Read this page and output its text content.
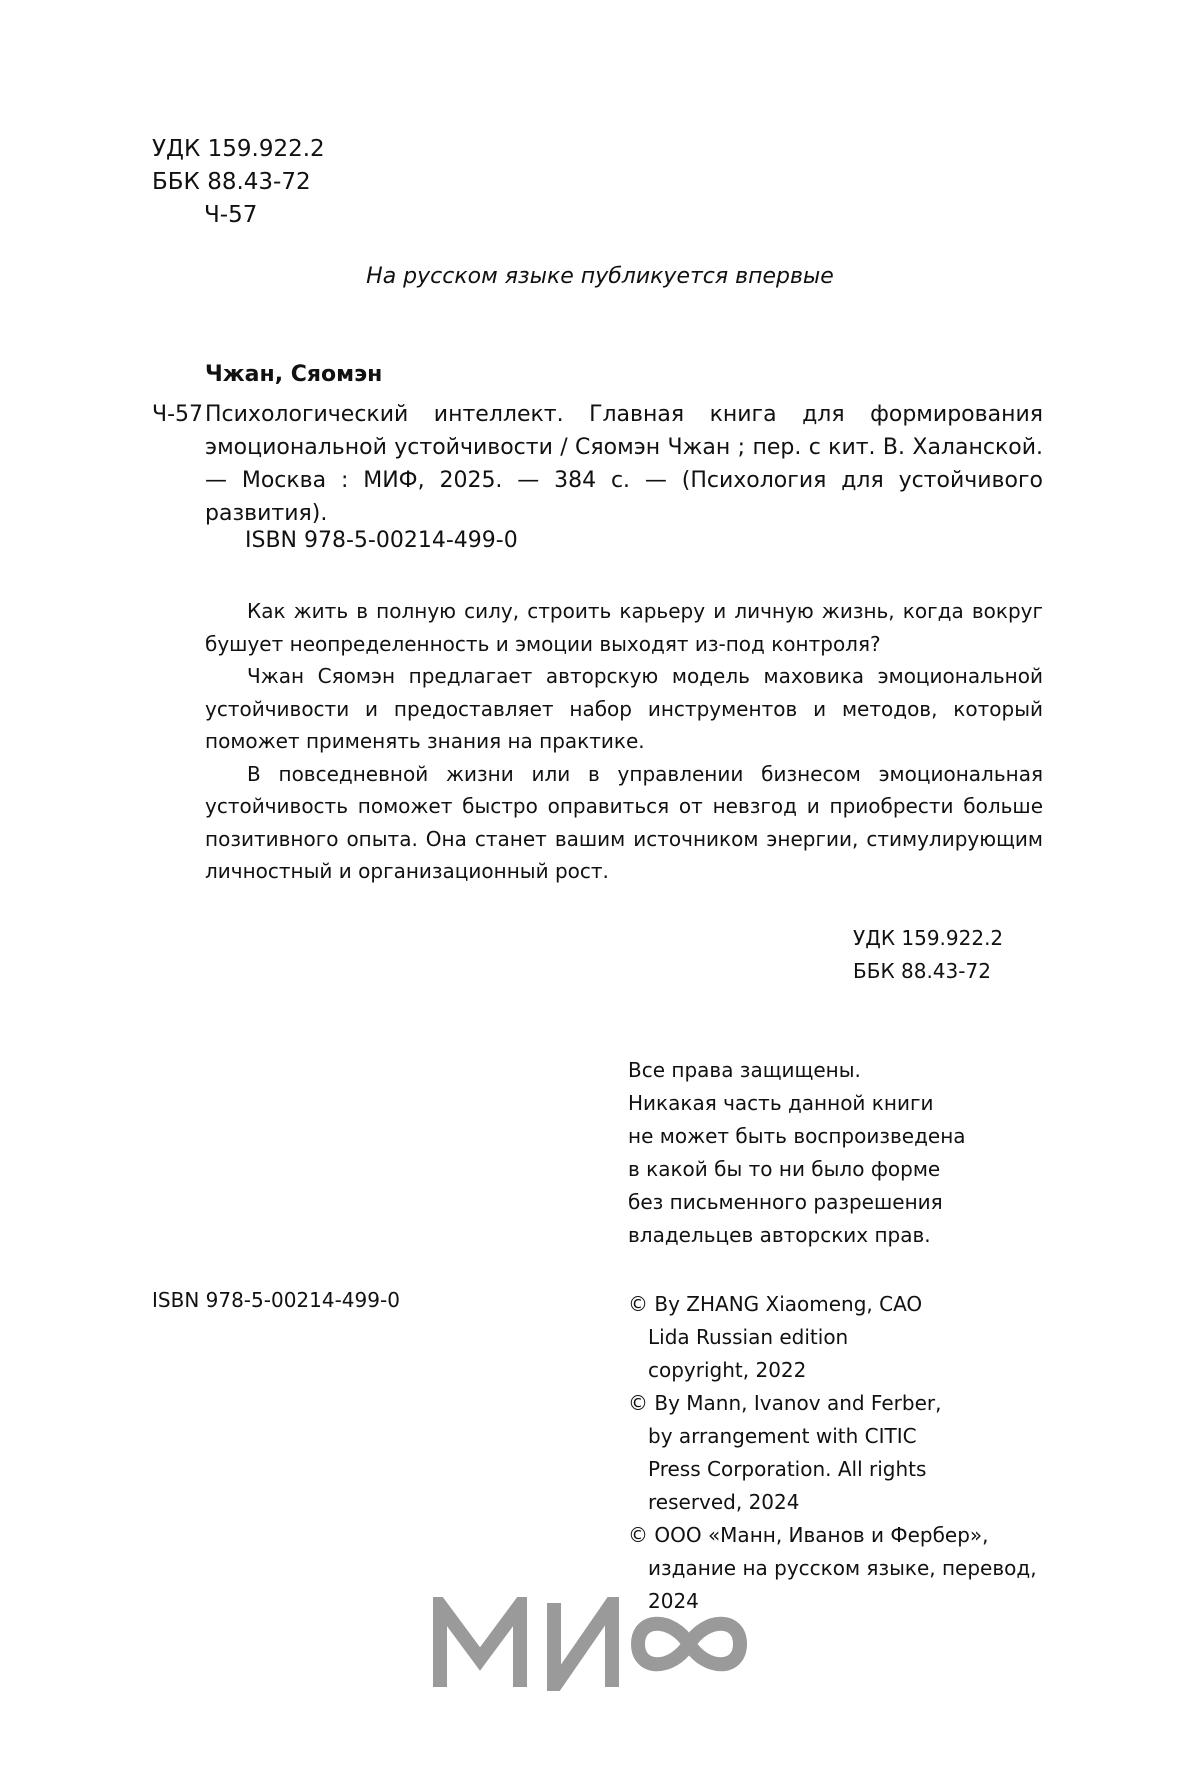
УДК 159.922.2
ББК 88.43-72
Ч-57
На русском языке публикуется впервые
Чжан, Сяомэн
Ч-57 Психологический интеллект. Главная книга для формирования эмоциональной устойчивости / Сяомэн Чжан ; пер. с кит. В. Халанской. — Москва : МИФ, 2025. — 384 с. — (Психология для устойчивого развития).
ISBN 978-5-00214-499-0

Как жить в полную силу, строить карьеру и личную жизнь, когда вокруг бушует неопределенность и эмоции выходят из-под контроля?

Чжан Сяомэн предлагает авторскую модель маховика эмоциональной устойчивости и предоставляет набор инструментов и методов, который поможет применять знания на практике.

В повседневной жизни или в управлении бизнесом эмоциональная устойчивость поможет быстро оправиться от невзгод и приобрести больше позитивного опыта. Она станет вашим источником энергии, стимулирующим личностный и организационный рост.

УДК 159.922.2
ББК 88.43-72
Все права защищены.
Никакая часть данной книги
не может быть воспроизведена
в какой бы то ни было форме
без письменного разрешения
владельцев авторских прав.
ISBN 978-5-00214-499-0	© By ZHANG Xiaomeng, CAO Lida Russian edition copyright, 2022
© By Mann, Ivanov and Ferber, by arrangement with CITIC Press Corporation. All rights reserved, 2024
© ООО «Манн, Иванов и Фербер», издание на русском языке, перевод, 2024
